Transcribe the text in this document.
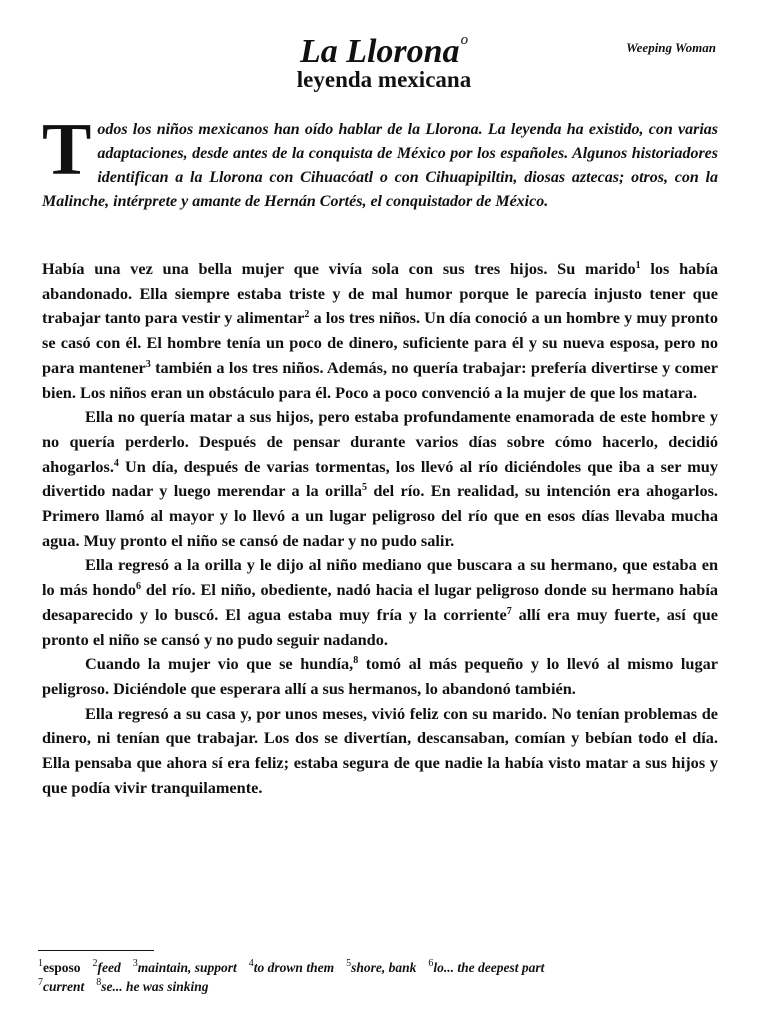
La Llorona$^o$	Weeping Woman
leyenda mexicana
Todos los niños mexicanos han oído hablar de la Llorona. La leyenda ha existido, con varias adaptaciones, desde antes de la conquista de México por los españoles. Algunos historiadores identifican a la Llorona con Cihuacóatl o con Cihuapipiltin, diosas aztecas; otros, con la Malinche, intérprete y amante de Hernán Cortés, el conquistador de México.

Había una vez una bella mujer que vivía sola con sus tres hijos. Su marido$^1$ los había abandonado. Ella siempre estaba triste y de mal humor porque le parecía injusto tener que trabajar tanto para vestir y alimentar$^2$ a los tres niños. Un día conoció a un hombre y muy pronto se casó con él. El hombre tenía un poco de dinero, suficiente para él y su nueva esposa, pero no para mantener$^3$ también a los tres niños. Además, no quería trabajar: prefería divertirse y comer bien. Los niños eran un obstáculo para él. Poco a poco convenció a la mujer de que los matara.

Ella no quería matar a sus hijos, pero estaba profundamente enamorada de este hombre y no quería perderlo. Después de pensar durante varios días sobre cómo hacerlo, decidió ahogarlos.$^4$ Un día, después de varias tormentas, los llevó al río diciéndoles que iba a ser muy divertido nadar y luego merendar a la orilla$^5$ del río. En realidad, su intención era ahogarlos. Primero llamó al mayor y lo llevó a un lugar peligroso del río que en esos días llevaba mucha agua. Muy pronto el niño se cansó de nadar y no pudo salir.

Ella regresó a la orilla y le dijo al niño mediano que buscara a su hermano, que estaba en lo más hondo$^6$ del río. El niño, obediente, nadó hacia el lugar peligroso donde su hermano había desaparecido y lo buscó. El agua estaba muy fría y la corriente$^7$ allí era muy fuerte, así que pronto el niño se cansó y no pudo seguir nadando.

Cuando la mujer vio que se hundía,$^8$ tomó al más pequeño y lo llevó al mismo lugar peligroso. Diciéndole que esperara allí a sus hermanos, lo abandonó también.

Ella regresó a su casa y, por unos meses, vivió feliz con su marido. No tenían problemas de dinero, ni tenían que trabajar. Los dos se divertían, descansaban, comían y bebían todo el día. Ella pensaba que ahora sí era feliz; estaba segura de que nadie la había visto matar a sus hijos y que podía vivir tranquilamente.

$^1$esposo $^2$feed $^3$maintain, support $^4$to drown them $^5$shore, bank $^6$lo... the deepest part
$^7$current $^8$se... he was sinking
